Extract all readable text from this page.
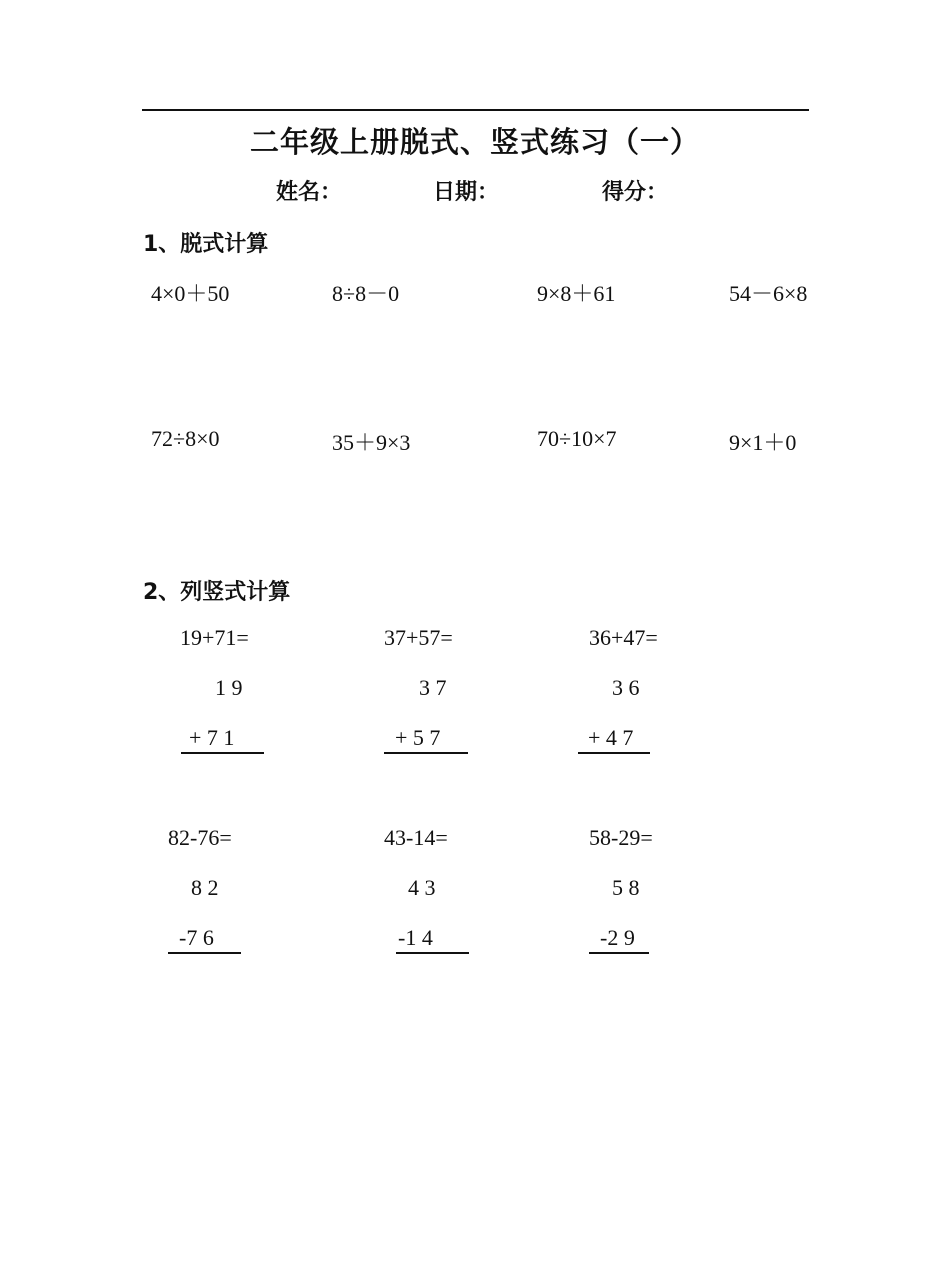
二年级上册脱式、竖式练习（一）
姓名：	日期：	得分：
1、脱式计算
4×0＋50	8÷8－0	9×8＋61	54－6×8
72÷8×0	35＋9×3	70÷10×7	9×1＋0
2、列竖式计算
19+71=
1 9
+ 7 1
37+57=
3 7
+ 5 7
36+47=
3 6
+ 4 7
82-76=
8 2
-7 6
43-14=
4 3
-1 4
58-29=
5 8
-2 9
